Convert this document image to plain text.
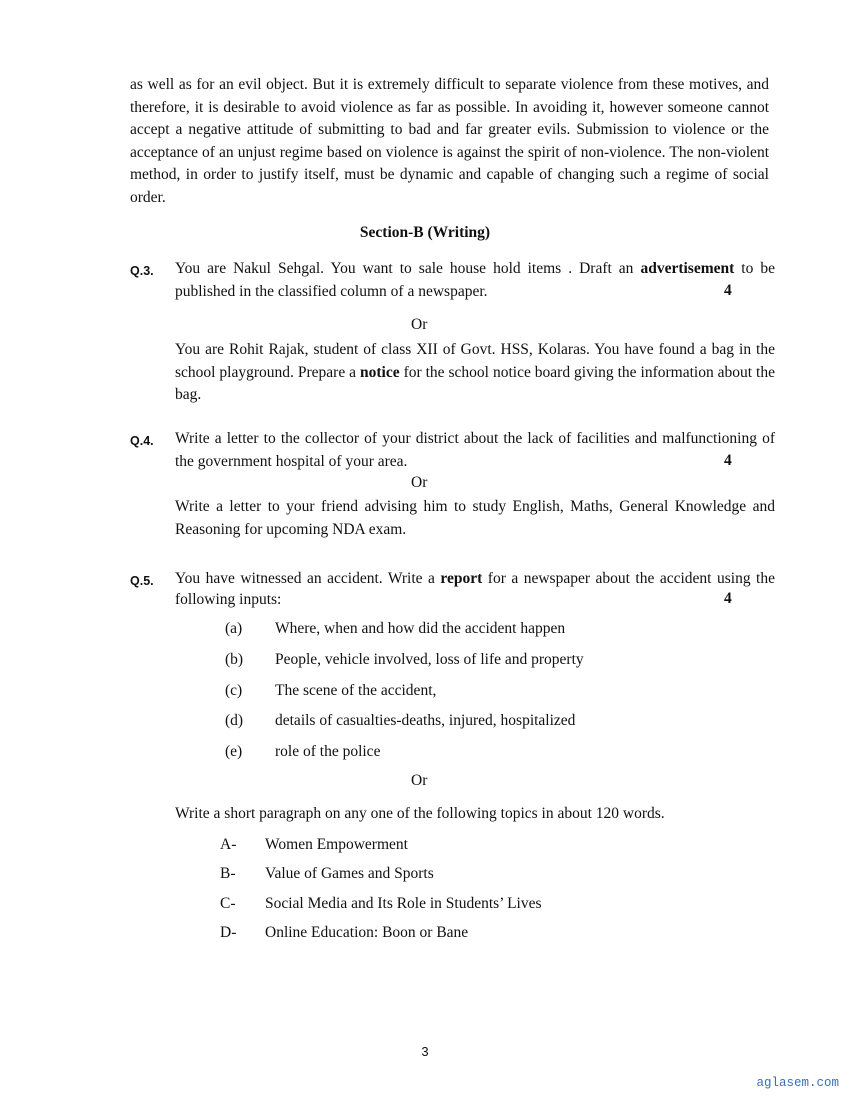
as well as for an evil object. But it is extremely difficult to separate violence from these motives, and therefore, it is desirable to avoid violence as far as possible. In avoiding it, however someone cannot accept a negative attitude of submitting to bad and far greater evils. Submission to violence or the acceptance of an unjust regime based on violence is against the spirit of non-violence. The non-violent method, in order to justify itself, must be dynamic and capable of changing such a regime of social order.

Section-B (Writing)
Q.3. You are Nakul Sehgal. You want to sale house hold items . Draft an advertisement to be published in the classified column of a newspaper.	4
Or

You are Rohit Rajak, student of class XII of Govt. HSS, Kolaras. You have found a bag in the school playground. Prepare a notice for the school notice board giving the information about the bag.

Q.4. Write a letter to the collector of your district about the lack of facilities and malfunctioning of the government hospital of your area.	4
Or

Write a letter to your friend advising him to study English, Maths, General Knowledge and Reasoning for upcoming NDA exam.

Q.5. You have witnessed an accident. Write a report for a newspaper about the accident using the following inputs:	4
(a) Where, when and how did the accident happen
(b) People, vehicle involved, loss of life and property
(c) The scene of the accident,
(d) details of casualties-deaths, injured, hospitalized
(e) role of the police
Or

Write a short paragraph on any one of the following topics in about 120 words.

A- Women Empowerment
B- Value of Games and Sports
C- Social Media and Its Role in Students’ Lives
D- Online Education: Boon or Bane
3
aglasem.com
